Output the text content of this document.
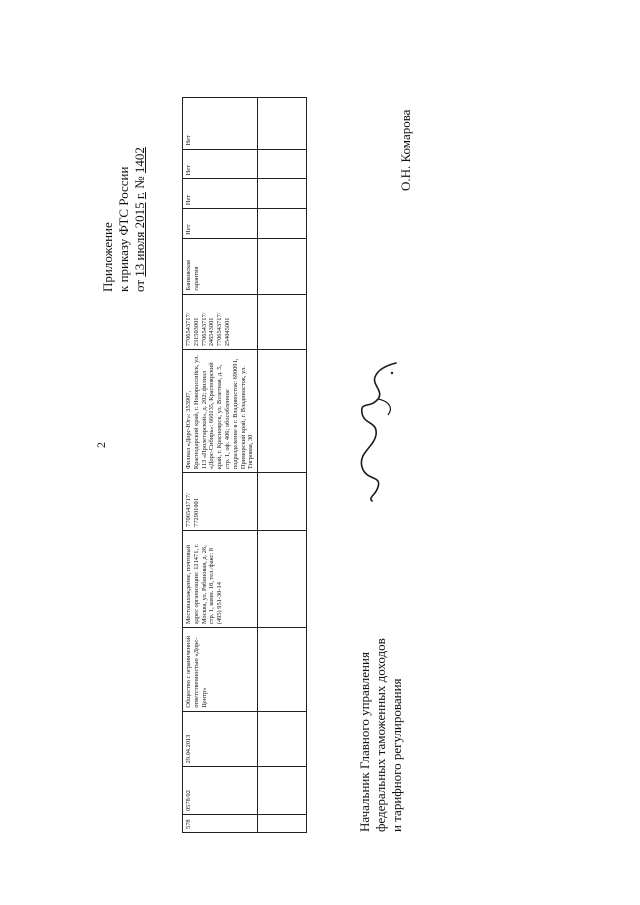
2
Приложение к приказу ФТС России от 13 июля 2015 г. № 1402
578	0578/02	29.04.2013	Общество с ограниченной ответственностью «Дорс-Центр»	Местонахождение, почтовый адрес организации: 121471, г. Москва, ул. Рябиновая, д. 26, стр. 1, комн. 18, тел./факс: 8 (495) 951-30-14	7706543717/ 772901001	Филиал «Дорс-Юг»: 353907, Краснодарский край, г. Новороссийск, ул. 113 «Пролетарской», д. 202; филиал «Дорс-Сибирь»: 660135, Красноярский край, г. Красноярск, ул. Взлетная, д. 5, стр. 1, оф. 406; обособленное подразделение в г. Владивосток: 690091, Приморский край, г. Владивосток, ул. Тигровая, 30	7706543717/ 231503001 7706543717/ 246543001 7706543717/ 254045001	Банковская гарантия	Нет	Нет	Нет	Нет

Начальник Главного управления федеральных таможенных доходов и тарифного регулирования
О.Н. Комарова
